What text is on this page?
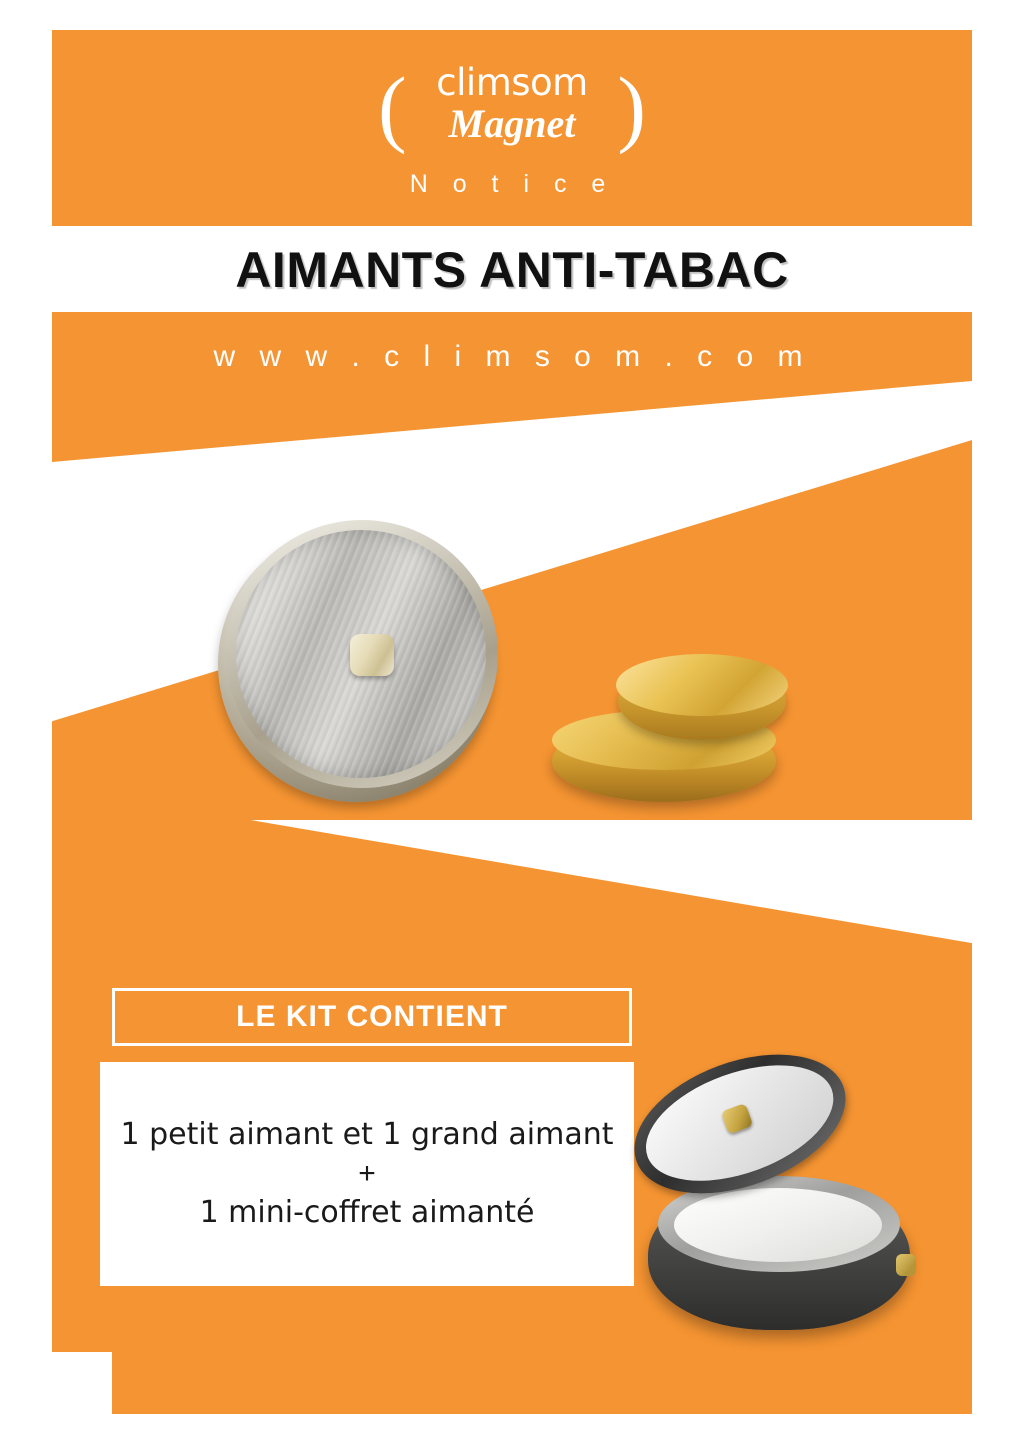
( )
climsom
Magnet
N o t i c e
AIMANTS ANTI-TABAC
w w w . c l i m s o m . c o m
LE KIT CONTIENT
1 petit aimant et 1 grand aimant
+
1 mini-coffret aimanté
